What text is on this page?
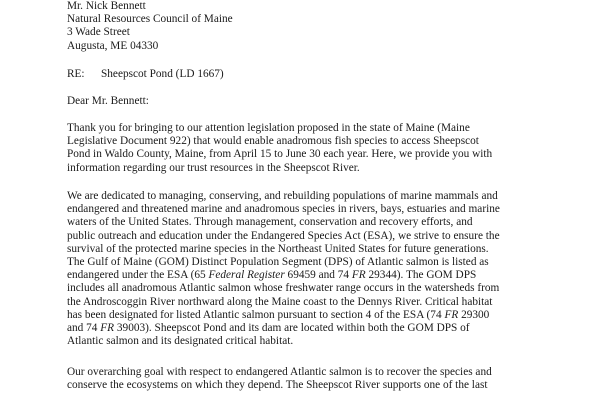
Mr. Nick Bennett
Natural Resources Council of Maine
3 Wade Street
Augusta, ME 04330
RE: Sheepscot Pond (LD 1667)
Dear Mr. Bennett:
Thank you for bringing to our attention legislation proposed in the state of Maine (Maine
Legislative Document 922) that would enable anadromous fish species to access Sheepscot
Pond in Waldo County, Maine, from April 15 to June 30 each year. Here, we provide you with
information regarding our trust resources in the Sheepscot River.
We are dedicated to managing, conserving, and rebuilding populations of marine mammals and
endangered and threatened marine and anadromous species in rivers, bays, estuaries and marine
waters of the United States. Through management, conservation and recovery efforts, and
public outreach and education under the Endangered Species Act (ESA), we strive to ensure the
survival of the protected marine species in the Northeast United States for future generations.
The Gulf of Maine (GOM) Distinct Population Segment (DPS) of Atlantic salmon is listed as
endangered under the ESA (65 Federal Register 69459 and 74 FR 29344). The GOM DPS
includes all anadromous Atlantic salmon whose freshwater range occurs in the watersheds from
the Androscoggin River northward along the Maine coast to the Dennys River. Critical habitat
has been designated for listed Atlantic salmon pursuant to section 4 of the ESA (74 FR 29300
and 74 FR 39003). Sheepscot Pond and its dam are located within both the GOM DPS of
Atlantic salmon and its designated critical habitat.
Our overarching goal with respect to endangered Atlantic salmon is to recover the species and
conserve the ecosystems on which they depend. The Sheepscot River supports one of the last
